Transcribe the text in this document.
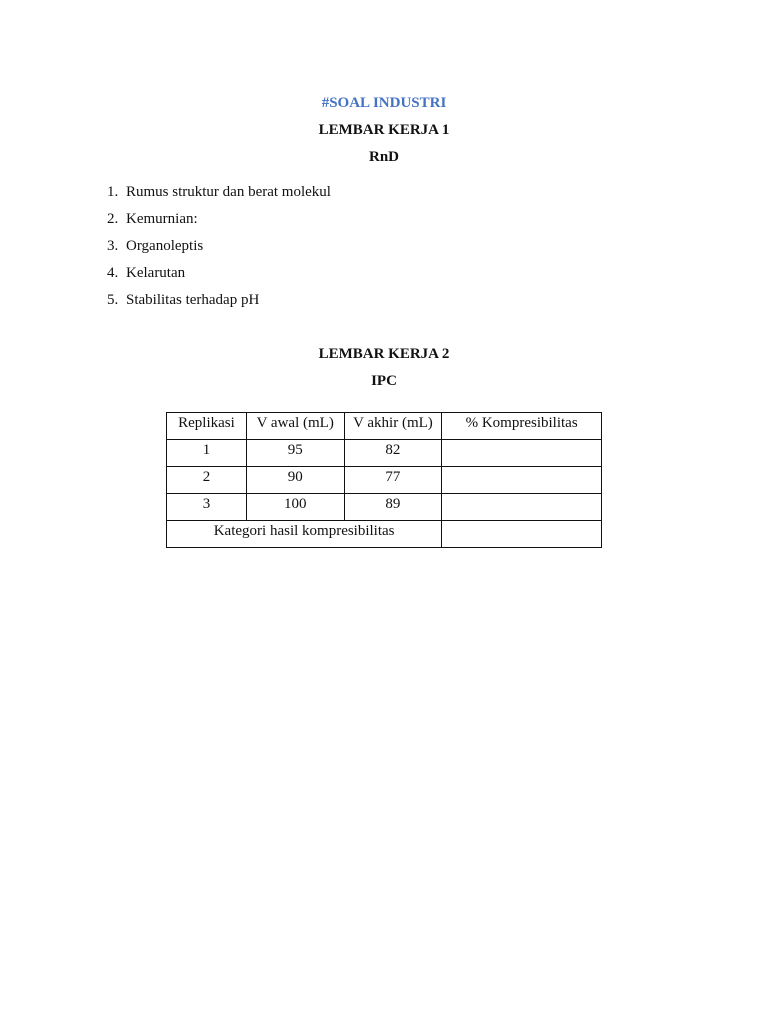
#SOAL INDUSTRI
LEMBAR KERJA 1
RnD
1. Rumus struktur dan berat molekul
2. Kemurnian:
3. Organoleptis
4. Kelarutan
5. Stabilitas terhadap pH
LEMBAR KERJA 2
IPC
Replikasi	V awal (mL)	V akhir (mL)	% Kompresibilitas
1	95	82	
2	90	77	
3	100	89	
Kategori hasil kompresibilitas			
